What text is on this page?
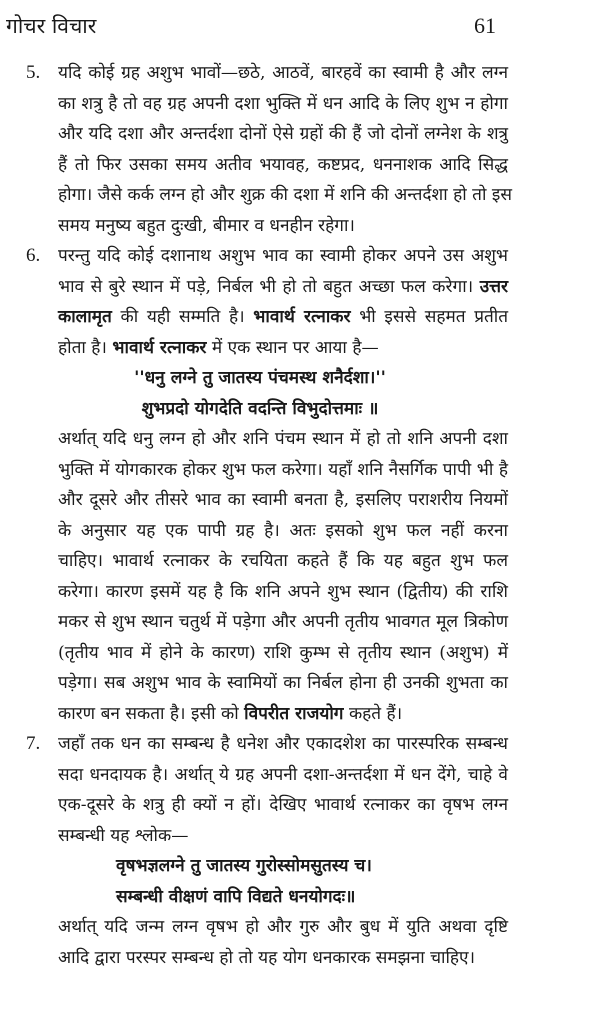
गोचर विचार	61
5. यदि कोई ग्रह अशुभ भावों—छठे, आठवें, बारहवें का स्वामी है और लग्न
का शत्रु है तो वह ग्रह अपनी दशा भुक्ति में धन आदि के लिए शुभ न होगा
और यदि दशा और अन्तर्दशा दोनों ऐसे ग्रहों की हैं जो दोनों लग्नेश के शत्रु
हैं तो फिर उसका समय अतीव भयावह, कष्टप्रद, धननाशक आदि सिद्ध
होगा। जैसे कर्क लग्न हो और शुक्र की दशा में शनि की अन्तर्दशा हो तो इस
समय मनुष्य बहुत दुःखी, बीमार व धनहीन रहेगा।
6. परन्तु यदि कोई दशानाथ अशुभ भाव का स्वामी होकर अपने उस अशुभ
भाव से बुरे स्थान में पड़े, निर्बल भी हो तो बहुत अच्छा फल करेगा। उत्तर
कालामृत की यही सम्मति है। भावार्थ रत्नाकर भी इससे सहमत प्रतीत
होता है। भावार्थ रत्नाकर में एक स्थान पर आया है—
''धनु लग्ने तु जातस्य पंचमस्थ शनैर्दशा।''
शुभप्रदो योगदेति वदन्ति विभुदोत्तमाः ॥
अर्थात् यदि धनु लग्न हो और शनि पंचम स्थान में हो तो शनि अपनी दशा
भुक्ति में योगकारक होकर शुभ फल करेगा। यहाँ शनि नैसर्गिक पापी भी है
और दूसरे और तीसरे भाव का स्वामी बनता है, इसलिए पराशरीय नियमों
के अनुसार यह एक पापी ग्रह है। अतः इसको शुभ फल नहीं करना
चाहिए। भावार्थ रत्नाकर के रचयिता कहते हैं कि यह बहुत शुभ फल
करेगा। कारण इसमें यह है कि शनि अपने शुभ स्थान (द्वितीय) की राशि
मकर से शुभ स्थान चतुर्थ में पड़ेगा और अपनी तृतीय भावगत मूल त्रिकोण
(तृतीय भाव में होने के कारण) राशि कुम्भ से तृतीय स्थान (अशुभ) में
पड़ेगा। सब अशुभ भाव के स्वामियों का निर्बल होना ही उनकी शुभता का
कारण बन सकता है। इसी को विपरीत राजयोग कहते हैं।
7. जहाँ तक धन का सम्बन्ध है धनेश और एकादशेश का पारस्परिक सम्बन्ध
सदा धनदायक है। अर्थात् ये ग्रह अपनी दशा-अन्तर्दशा में धन देंगे, चाहे वे
एक-दूसरे के शत्रु ही क्यों न हों। देखिए भावार्थ रत्नाकर का वृषभ लग्न
सम्बन्धी यह श्लोक—
वृषभज्ञलग्ने तु जातस्य गुरोस्सोमसुतस्य च।
सम्बन्धी वीक्षणं वापि विद्यते धनयोगदः॥
अर्थात् यदि जन्म लग्न वृषभ हो और गुरु और बुध में युति अथवा दृष्टि
आदि द्वारा परस्पर सम्बन्ध हो तो यह योग धनकारक समझना चाहिए।
